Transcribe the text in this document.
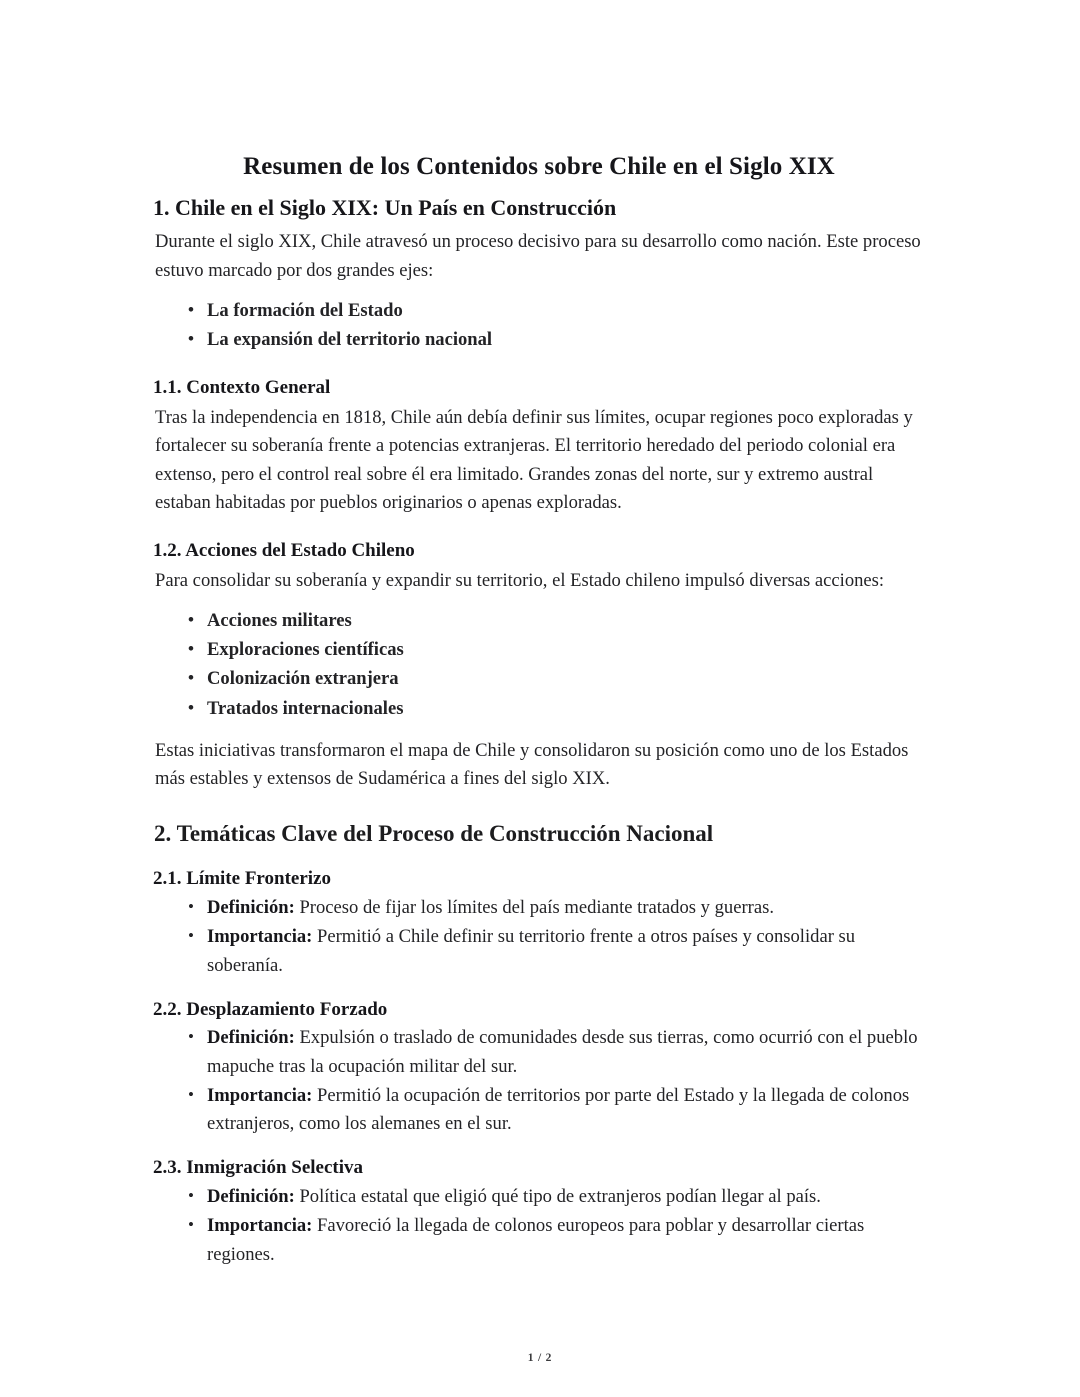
Resumen de los Contenidos sobre Chile en el Siglo XIX
1. Chile en el Siglo XIX: Un País en Construcción

Durante el siglo XIX, Chile atravesó un proceso decisivo para su desarrollo como nación. Este proceso estuvo marcado por dos grandes ejes:

• La formación del Estado
• La expansión del territorio nacional
1.1. Contexto General

Tras la independencia en 1818, Chile aún debía definir sus límites, ocupar regiones poco exploradas y fortalecer su soberanía frente a potencias extranjeras. El territorio heredado del periodo colonial era extenso, pero el control real sobre él era limitado. Grandes zonas del norte, sur y extremo austral estaban habitadas por pueblos originarios o apenas exploradas.

1.2. Acciones del Estado Chileno

Para consolidar su soberanía y expandir su territorio, el Estado chileno impulsó diversas acciones:

• Acciones militares
• Exploraciones científicas
• Colonización extranjera
• Tratados internacionales

Estas iniciativas transformaron el mapa de Chile y consolidaron su posición como uno de los Estados más estables y extensos de Sudamérica a fines del siglo XIX.

2. Temáticas Clave del Proceso de Construcción Nacional
2.1. Límite Fronterizo
• Definición: Proceso de fijar los límites del país mediante tratados y guerras.
• Importancia: Permitió a Chile definir su territorio frente a otros países y consolidar su soberanía.
2.2. Desplazamiento Forzado
• Definición: Expulsión o traslado de comunidades desde sus tierras, como ocurrió con el pueblo mapuche tras la ocupación militar del sur.
• Importancia: Permitió la ocupación de territorios por parte del Estado y la llegada de colonos extranjeros, como los alemanes en el sur.
2.3. Inmigración Selectiva
• Definición: Política estatal que eligió qué tipo de extranjeros podían llegar al país.
• Importancia: Favoreció la llegada de colonos europeos para poblar y desarrollar ciertas regiones.
1 / 2
